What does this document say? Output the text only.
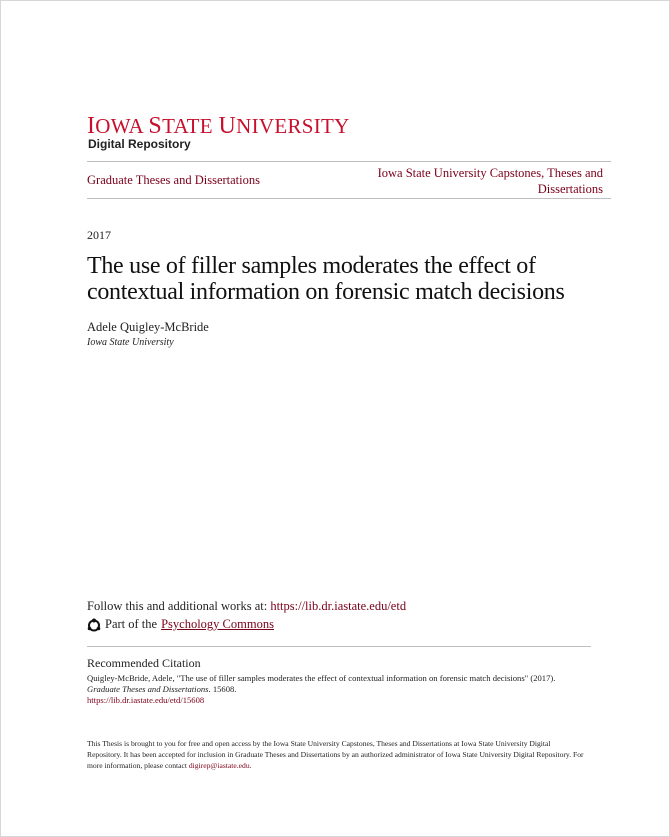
IOWA STATE UNIVERSITY
Digital Repository
Graduate Theses and Dissertations	Iowa State University Capstones, Theses and Dissertations
2017
The use of filler samples moderates the effect of contextual information on forensic match decisions
Adele Quigley-McBride
Iowa State University
Follow this and additional works at: https://lib.dr.iastate.edu/etd
Part of the Psychology Commons
Recommended Citation
Quigley-McBride, Adele, "The use of filler samples moderates the effect of contextual information on forensic match decisions" (2017). Graduate Theses and Dissertations. 15608.
https://lib.dr.iastate.edu/etd/15608
This Thesis is brought to you for free and open access by the Iowa State University Capstones, Theses and Dissertations at Iowa State University Digital Repository. It has been accepted for inclusion in Graduate Theses and Dissertations by an authorized administrator of Iowa State University Digital Repository. For more information, please contact digirep@iastate.edu.
